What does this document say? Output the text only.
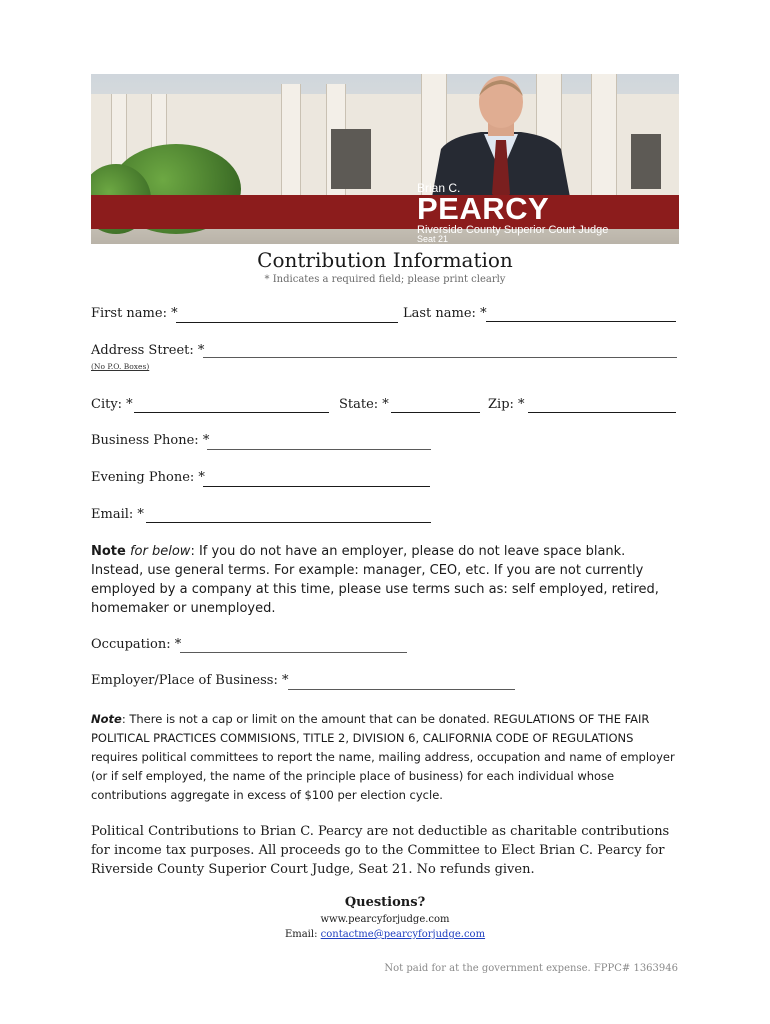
Brian C.
PEARCY
Riverside County Superior Court Judge
Seat 21
Contribution Information
* Indicates a required field; please print clearly
First name: *	Last name: *
Address Street: *
(No P.O. Boxes)
City: *	State: *	Zip: *
Business Phone: *
Evening Phone: *
Email: *
Note for below: If you do not have an employer, please do not leave space blank. Instead, use general terms. For example: manager, CEO, etc. If you are not currently employed by a company at this time, please use terms such as: self employed, retired, homemaker or unemployed.
Occupation: *
Employer/Place of Business: *
Note: There is not a cap or limit on the amount that can be donated. REGULATIONS OF THE FAIR POLITICAL PRACTICES COMMISIONS, TITLE 2, DIVISION 6, CALIFORNIA CODE OF REGULATIONS requires political committees to report the name, mailing address, occupation and name of employer (or if self employed, the name of the principle place of business) for each individual whose contributions aggregate in excess of $100 per election cycle.
Political Contributions to Brian C. Pearcy are not deductible as charitable contributions for income tax purposes. All proceeds go to the Committee to Elect Brian C. Pearcy for Riverside County Superior Court Judge, Seat 21. No refunds given.
Questions?
www.pearcyforjudge.com
Email: contactme@pearcyforjudge.com
Not paid for at the government expense. FPPC# 1363946
